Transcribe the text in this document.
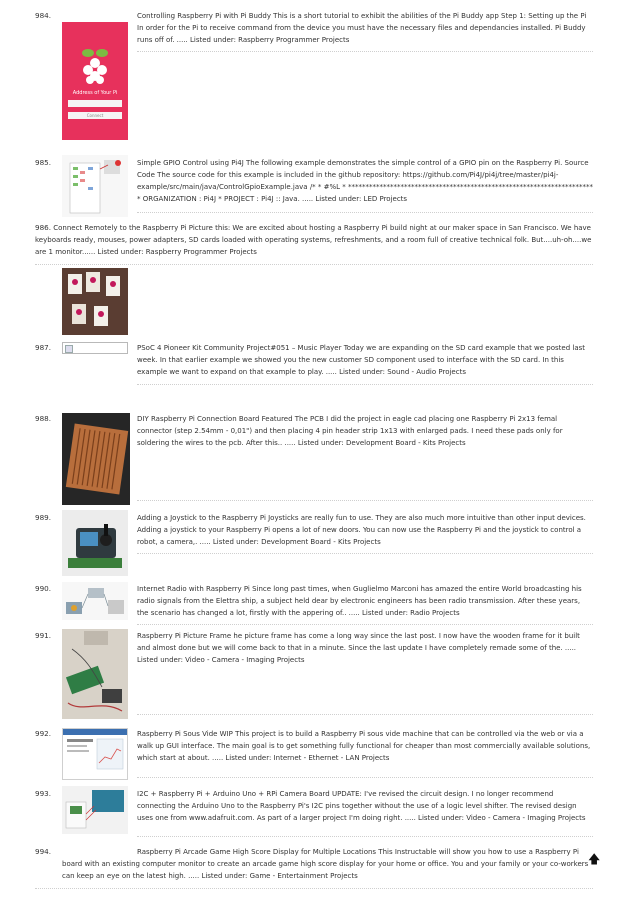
984.
Address of Your Pi
Connect
Controlling Raspberry Pi with Pi Buddy This is a short tutorial to exhibit the abilities of the Pi Buddy app Step 1: Setting up the Pi In order for the Pi to receive command from the device you must have the necessary files and dependancies installed. Pi Buddy runs off of. ..... Listed under: Raspberry Programmer Projects
985.	Simple GPIO Control using Pi4J The following example demonstrates the simple control of a GPIO pin on the Raspberry Pi. Source Code The source code for this example is included in the github repository: https://github.com/Pi4J/pi4j/tree/master/pi4j-example/src/main/java/ControlGpioExample.java /* * #%L * ********************************************************************** * ORGANIZATION : Pi4J * PROJECT : Pi4J :: Java. ..... Listed under: LED Projects
986. Connect Remotely to the Raspberry Pi Picture this: We are excited about hosting a Raspberry Pi build night at our maker space in San Francisco. We have keyboards ready, mouses, power adapters, SD cards loaded with operating systems, refreshments, and a room full of creative technical folk. But....uh-oh....we are 1 monitor...... Listed under: Raspberry Programmer Projects
987.	PSoC 4 Pioneer Kit Community Project#051 – Music Player Today we are expanding on the SD card example that we posted last week. In that earlier example we showed you the new customer SD component used to interface with the SD card. In this example we want to expand on that example to play. ..... Listed under: Sound - Audio Projects
988.	DIY Raspberry Pi Connection Board Featured The PCB I did the project in eagle cad placing one Raspberry Pi 2x13 femal connector (step 2.54mm - 0,01") and then placing 4 pin header strip 1x13 with enlarged pads. I need these pads only for soldering the wires to the pcb. After this.. ..... Listed under: Development Board - Kits Projects
989.	Adding a Joystick to the Raspberry Pi Joysticks are really fun to use. They are also much more intuitive than other input devices. Adding a joystick to your Raspberry Pi opens a lot of new doors. You can now use the Raspberry Pi and the joystick to control a robot, a camera,. ..... Listed under: Development Board - Kits Projects
990.	Internet Radio with Raspberry Pi Since long past times, when Guglielmo Marconi has amazed the entire World broadcasting his radio signals from the Elettra ship, a subject held dear by electronic engineers has been radio transmission. After these years, the scenario has changed a lot, firstly with the appering of.. ..... Listed under: Radio Projects
991.	Raspberry Pi Picture Frame he picture frame has come a long way since the last post. I now have the wooden frame for it built and almost done but we will come back to that in a minute. Since the last update I have completely remade some of the. ..... Listed under: Video - Camera - Imaging Projects
992.	Raspberry Pi Sous Vide WIP This project is to build a Raspberry Pi sous vide machine that can be controlled via the web or via a walk up GUI interface. The main goal is to get something fully functional for cheaper than most commercially available solutions, which start at about. ..... Listed under: Internet - Ethernet - LAN Projects
993.	I2C + Raspberry Pi + Arduino Uno + RPi Camera Board UPDATE: I've revised the circuit design. I no longer recommend connecting the Arduino Uno to the Raspberry Pi's I2C pins together without the use of a logic level shifter. The revised design uses one from www.adafruit.com. As part of a larger project I'm doing right. ..... Listed under: Video - Camera - Imaging Projects
994.	Raspberry Pi Arcade Game High Score Display for Multiple Locations This Instructable will show you how to use a Raspberry Pi board with an existing computer monitor to create an arcade game high score display for your home or office. You and your family or your co-workers can keep an eye on the latest high. ..... Listed under: Game - Entertainment Projects
🡅
